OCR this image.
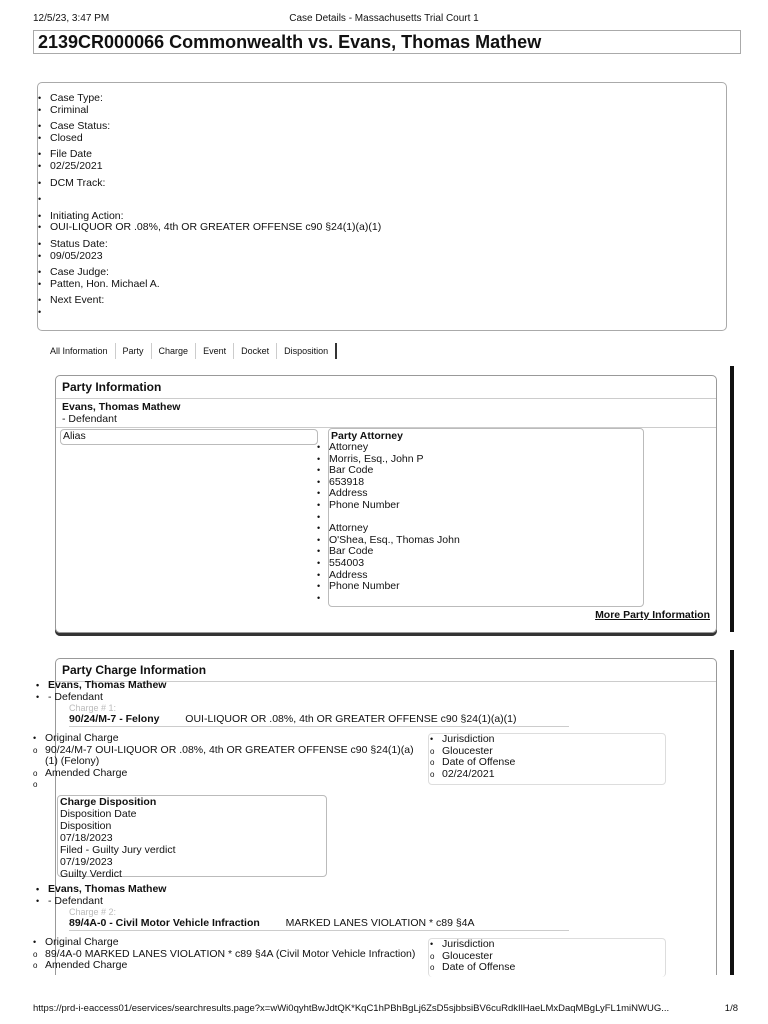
12/5/23, 3:47 PM	Case Details - Massachusetts Trial Court 1
2139CR000066 Commonwealth vs. Evans, Thomas Mathew
• Case Type:
• Criminal
• Case Status:
• Closed
• File Date
• 02/25/2021
• DCM Track:
•
• Initiating Action:
• OUI-LIQUOR OR .08%, 4th OR GREATER OFFENSE c90 §24(1)(a)(1)
• Status Date:
• 09/05/2023
• Case Judge:
• Patten, Hon. Michael A.
• Next Event:
•
All Information Party Charge Event Docket Disposition
Party Information
Evans, Thomas Mathew
- Defendant
Alias	Party Attorney
• Attorney
• Morris, Esq., John P
• Bar Code
• 653918
• Address
• Phone Number
•
• Attorney
• O'Shea, Esq., Thomas John
• Bar Code
• 554003
• Address
• Phone Number
•
More Party Information
Party Charge Information
• Evans, Thomas Mathew
• - Defendant
Charge # 1:
90/24/M-7 - Felony OUI-LIQUOR OR .08%, 4th OR GREATER OFFENSE c90 §24(1)(a)(1)
• Original Charge
o 90/24/M-7 OUI-LIQUOR OR .08%, 4th OR GREATER OFFENSE c90 §24(1)(a)
(1) (Felony)
o Amended Charge
o
• Jurisdiction
o Gloucester
o Date of Offense
o 02/24/2021
Charge Disposition
Disposition Date
Disposition
07/18/2023
Filed - Guilty Jury verdict
07/19/2023
Guilty Verdict
• Evans, Thomas Mathew
• - Defendant
Charge # 2:
89/4A-0 - Civil Motor Vehicle Infraction MARKED LANES VIOLATION * c89 §4A
• Original Charge
o 89/4A-0 MARKED LANES VIOLATION * c89 §4A (Civil Motor Vehicle Infraction)
o Amended Charge
• Jurisdiction
o Gloucester
o Date of Offense
https://prd-i-eaccess01/eservices/searchresults.page?x=wWi0qyhtBwJdtQK*KqC1hPBhBgLj6ZsD5sjbbsiBV6cuRdkIlHaeLMxDaqMBgLyFL1miNWUG...	1/8
